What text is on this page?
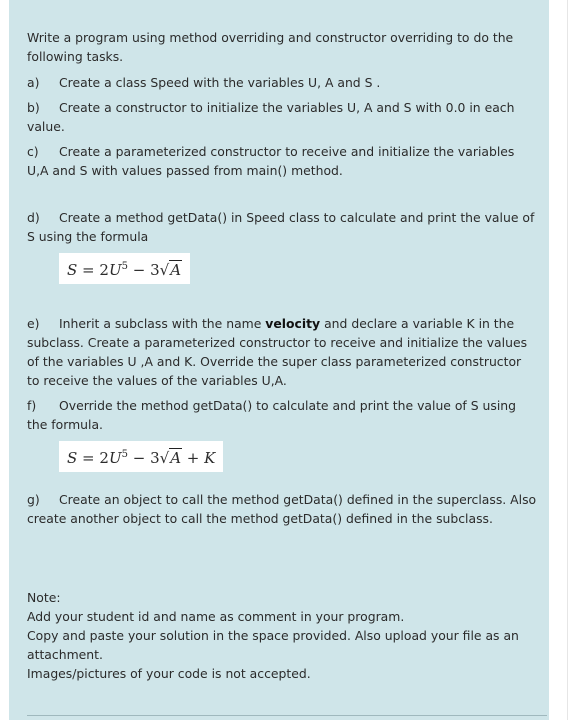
Write a program using method overriding and constructor overriding to do the following tasks.

a) Create a class Speed with the variables U, A and S .

b) Create a constructor to initialize the variables U, A and S with 0.0 in each value.

c) Create a parameterized constructor to receive and initialize the variables U,A and S with values passed from main() method.

d) Create a method getData() in Speed class to calculate and print the value of S using the formula

$S = 2U^5 - 3√A$

e) Inherit a subclass with the name velocity and declare a variable K in the subclass. Create a parameterized constructor to receive and initialize the values of the variables U ,A and K. Override the super class parameterized constructor to receive the values of the variables U,A.

f) Override the method getData() to calculate and print the value of S using the formula.

$S = 2U^5 - 3√A + K$

g) Create an object to call the method getData() defined in the superclass. Also create another object to call the method getData() defined in the subclass.

Note:

Add your student id and name as comment in your program.

Copy and paste your solution in the space provided. Also upload your file as an attachment.

Images/pictures of your code is not accepted.
